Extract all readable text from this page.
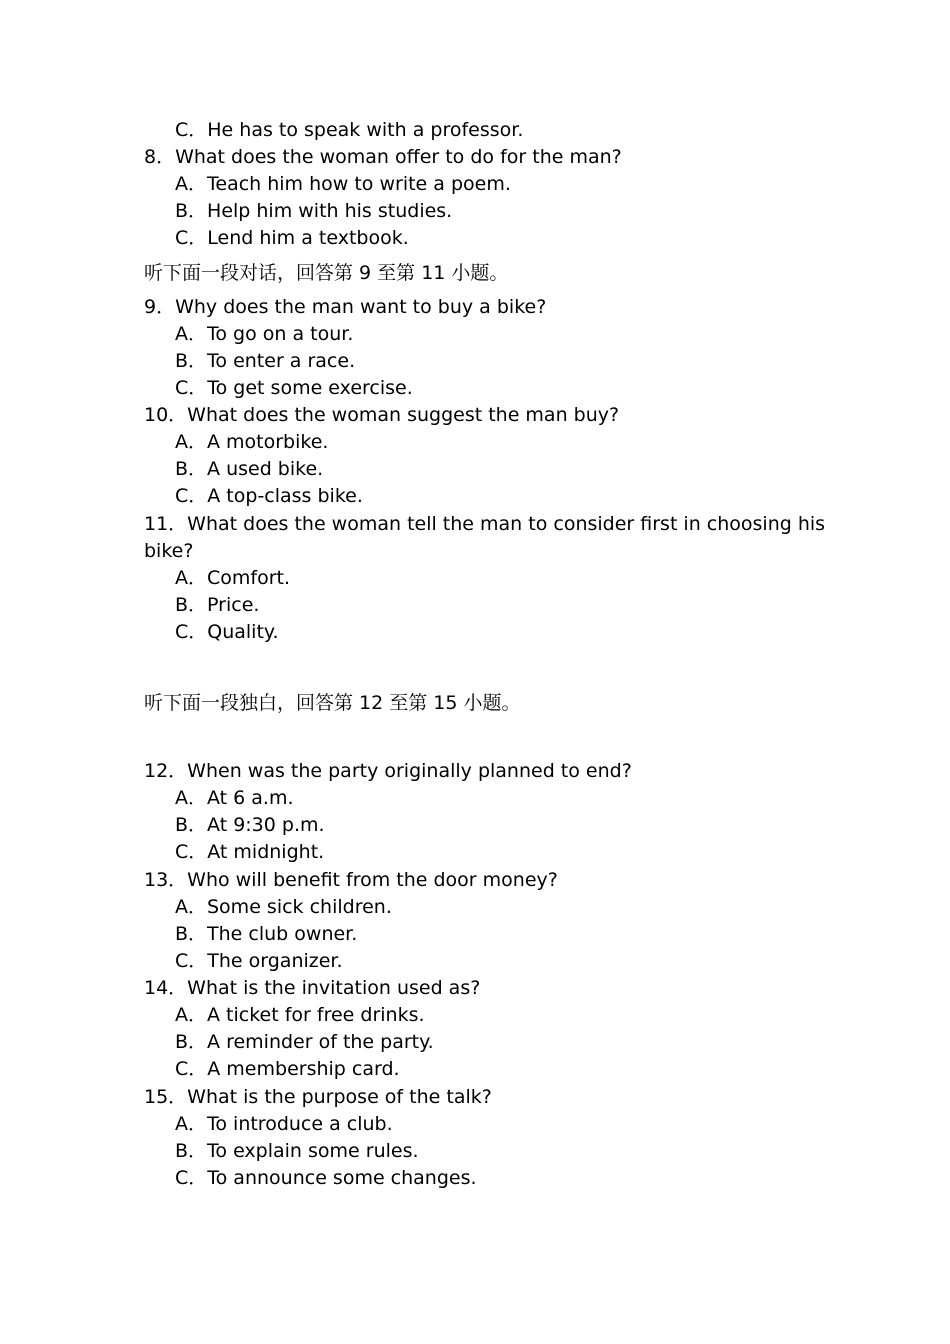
C．He has to speak with a professor.
8．What does the woman offer to do for the man?
A．Teach him how to write a poem.
B．Help him with his studies.
C．Lend him a textbook.
听下面一段对话，回答第 9 至第 11 小题。
9．Why does the man want to buy a bike?
A．To go on a tour.
B．To enter a race.
C．To get some exercise.
10．What does the woman suggest the man buy?
A．A motorbike.
B．A used bike.
C．A top-class bike.
11．What does the woman tell the man to consider first in choosing his
bike?
A．Comfort.
B．Price.
C．Quality.
听下面一段独白，回答第 12 至第 15 小题。
12．When was the party originally planned to end?
A．At 6 a.m.
B．At 9:30 p.m.
C．At midnight.
13．Who will benefit from the door money?
A．Some sick children.
B．The club owner.
C．The organizer.
14．What is the invitation used as?
A．A ticket for free drinks.
B．A reminder of the party.
C．A membership card.
15．What is the purpose of the talk?
A．To introduce a club.
B．To explain some rules.
C．To announce some changes.
